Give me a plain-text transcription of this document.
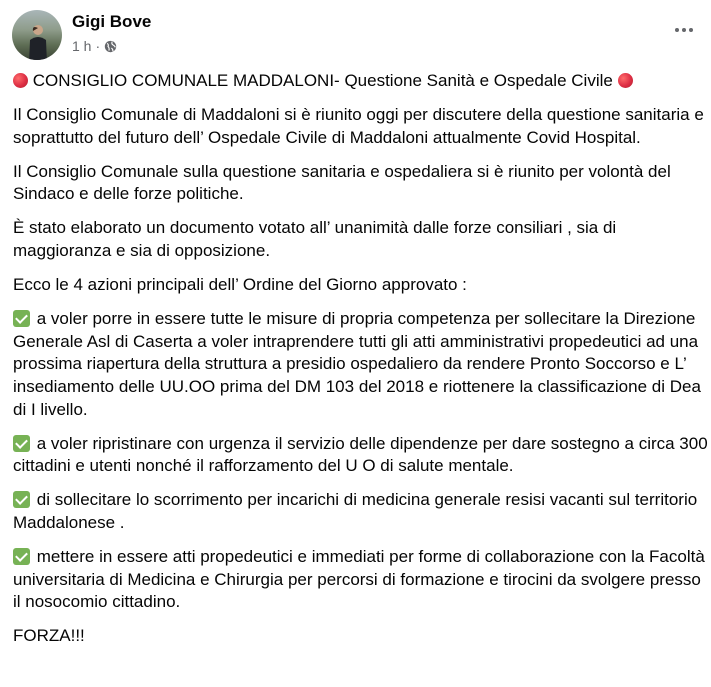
Gigi Bove
1 h ·

CONSIGLIO COMUNALE MADDALONI- Questione Sanità e Ospedale Civile

Il Consiglio Comunale di Maddaloni si è riunito oggi per discutere della questione sanitaria e soprattutto del futuro dell’ Ospedale Civile di Maddaloni attualmente Covid Hospital.

Il Consiglio Comunale sulla questione sanitaria e ospedaliera si è riunito per volontà del Sindaco e delle forze politiche.

È stato elaborato un documento votato all’ unanimità dalle forze consiliari , sia di maggioranza e sia di opposizione.

Ecco le 4 azioni principali dell’ Ordine del Giorno approvato :

a voler porre in essere tutte le misure di propria competenza per sollecitare la Direzione Generale Asl di Caserta a voler intraprendere tutti gli atti amministrativi propedeutici ad una prossima riapertura della struttura a presidio ospedaliero da rendere Pronto Soccorso e L’ insediamento delle UU.OO prima del DM 103 del 2018 e riottenere la classificazione di Dea di I livello.

a voler ripristinare con urgenza il servizio delle dipendenze per dare sostegno a circa 300 cittadini e utenti nonché il rafforzamento del U O di salute mentale.

di sollecitare lo scorrimento per incarichi di medicina generale resisi vacanti sul territorio Maddalonese .

mettere in essere atti propedeutici e immediati per forme di collaborazione con la Facoltà universitaria di Medicina e Chirurgia per percorsi di formazione e tirocini da svolgere presso il nosocomio cittadino.

FORZA!!!
